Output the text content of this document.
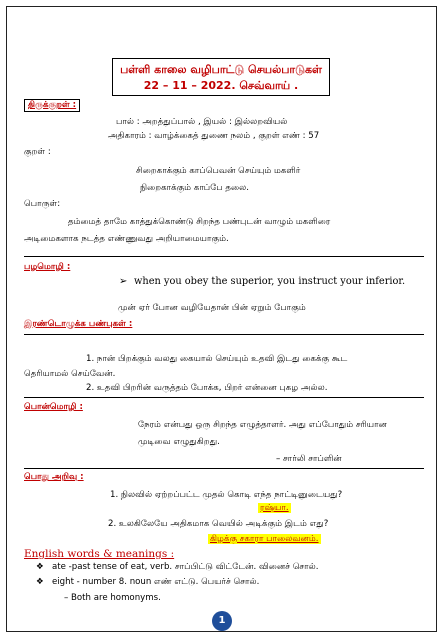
பள்ளி காலை வழிபாட்டு செயல்பாடுகள்
22 – 11 – 2022. செவ்வாய் .
திருக்குறள் :
பால் : அறத்துப்பால் , இயல் : இல்லறவியல்
அதிகாரம் : வாழ்க்கைத் துணை நலம் , குறள் எண் : 57
குறள் :
சிறைகாக்கும் காப்பெவன் செய்யும் மகளிர்
நிறைகாக்கும் காப்பே தலை.
பொருள்:
தம்மைத் தாமே காத்துக்கொண்டு சிறந்த பண்புடன் வாழும் மகளிரை
அடிமைகளாக நடத்த எண்ணுவது அறியாமையாகும்.
பழமொழி :
➢ when you obey the superior, you instruct your inferior.
முன் ஏர் போன வழியேதான் பின் ஏறும் போகும்
இரண்டொழுக்க பண்புகள் :
1. நான் பிறக்கும் வலது கையால் செய்யும் உதவி இடது கைக்கு கூட
தெரியாமல் செய்வேன்.
2. உதவி பிறரின் வருத்தம் போக்க, பிறர் என்னை புகழ அல்ல.
பொன்மொழி :
நேரம் என்பது ஒரு சிறந்த எழுத்தாளர். அது எப்போதும் சரியான
முடிவை எழுதுகிறது.
– சார்லி சாப்ளின்
பொது அறிவு :
1. நிலவில் ஏற்றப்பட்ட முதல் கொடி எந்த நாட்டினுடையது?
ரஷ்யா.
2. உலகிலேயே அதிகமாக வெயில் அடிக்கும் இடம் எது?
கிழக்கு சகாரா பாலைவனம்.
English words & meanings :
❖ ate -past tense of eat, verb. சாப்பிட்டு விட்டேன். வினைச் சொல்.
❖ eight - number 8. noun எண் எட்டு. பெயர்ச் சொல்.
– Both are homonyms.
1
